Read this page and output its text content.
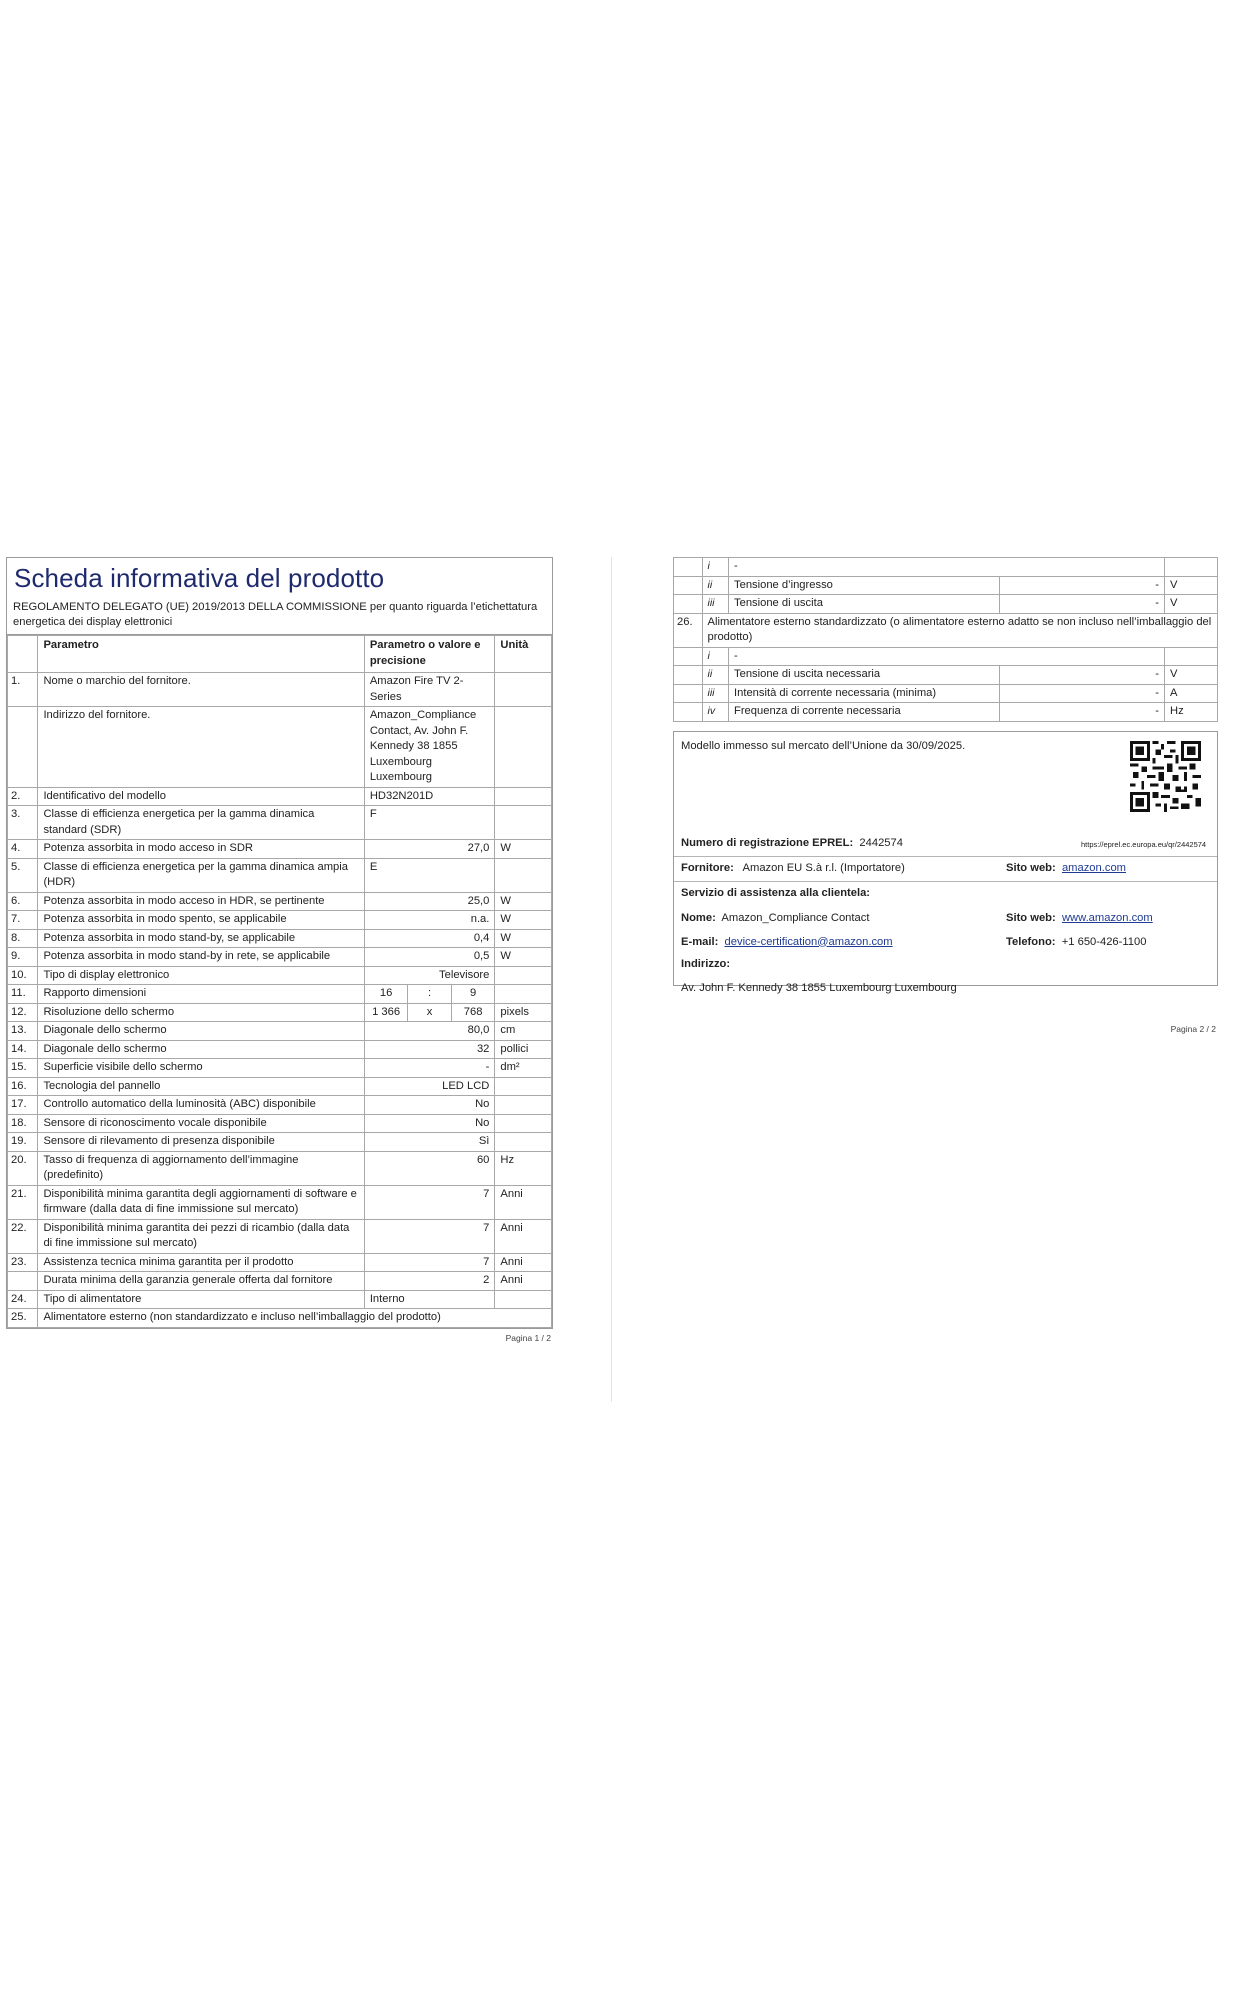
Scheda informativa del prodotto
REGOLAMENTO DELEGATO (UE) 2019/2013 DELLA COMMISSIONE per quanto riguarda l’etichettatura energetica dei display elettronici
	Parametro	Parametro o valore e precisione			Unità
1.	Nome o marchio del fornitore.	Amazon Fire TV 2-Series			
	Indirizzo del fornitore.	Amazon_Compliance Contact, Av. John F. Kennedy 38 1855 Luxembourg Luxembourg			
2.	Identificativo del modello	HD32N201D			
3.	Classe di efficienza energetica per la gamma dinamica standard (SDR)	F			
4.	Potenza assorbita in modo acceso in SDR	27,0			W
5.	Classe di efficienza energetica per la gamma dinamica ampia (HDR)	E			
6.	Potenza assorbita in modo acceso in HDR, se pertinente	25,0			W
7.	Potenza assorbita in modo spento, se applicabile	n.a.			W
8.	Potenza assorbita in modo stand-by, se applicabile	0,4			W
9.	Potenza assorbita in modo stand-by in rete, se applicabile	0,5			W
10.	Tipo di display elettronico	Televisore			
11.	Rapporto dimensioni	16	:	9	
12.	Risoluzione dello schermo	1 366	x	768	pixels
13.	Diagonale dello schermo	80,0			cm
14.	Diagonale dello schermo	32			pollici
15.	Superficie visibile dello schermo	-			dm²
16.	Tecnologia del pannello	LED LCD			
17.	Controllo automatico della luminosità (ABC) disponibile	No			
18.	Sensore di riconoscimento vocale disponibile	No			
19.	Sensore di rilevamento di presenza disponibile	Sì			
20.	Tasso di frequenza di aggiornamento dell’immagine (predefinito)	60			Hz
21.	Disponibilità minima garantita degli aggiornamenti di software e firmware (dalla data di fine immissione sul mercato)	7			Anni
22.	Disponibilità minima garantita dei pezzi di ricambio (dalla data di fine immissione sul mercato)	7			Anni
23.	Assistenza tecnica minima garantita per il prodotto	7			Anni
	Durata minima della garanzia generale offerta dal fornitore	2			Anni
24.	Tipo di alimentatore	Interno			
25.	Alimentatore esterno (non standardizzato e incluso nell’imballaggio del prodotto)				
Pagina 1 / 2
	i	-		
	ii	Tensione d’ingresso	-	V
	iii	Tensione di uscita	-	V
26.	Alimentatore esterno standardizzato (o alimentatore esterno adatto se non incluso nell’imballaggio del prodotto)			
	i	-		
	ii	Tensione di uscita necessaria	-	V
	iii	Intensità di corrente necessaria (minima)	-	A
	iv	Frequenza di corrente necessaria	-	Hz
Modello immesso sul mercato dell’Unione da 30/09/2025.
Numero di registrazione EPREL: 2442574	https://eprel.ec.europa.eu/qr/2442574
Fornitore: Amazon EU S.à r.l. (Importatore)	Sito web: amazon.com
Servizio di assistenza alla clientela:
Nome: Amazon_Compliance Contact	Sito web: www.amazon.com
E-mail: device-certification@amazon.com	Telefono: +1 650-426-1100
Indirizzo:
Av. John F. Kennedy 38 1855 Luxembourg Luxembourg
Pagina 2 / 2
